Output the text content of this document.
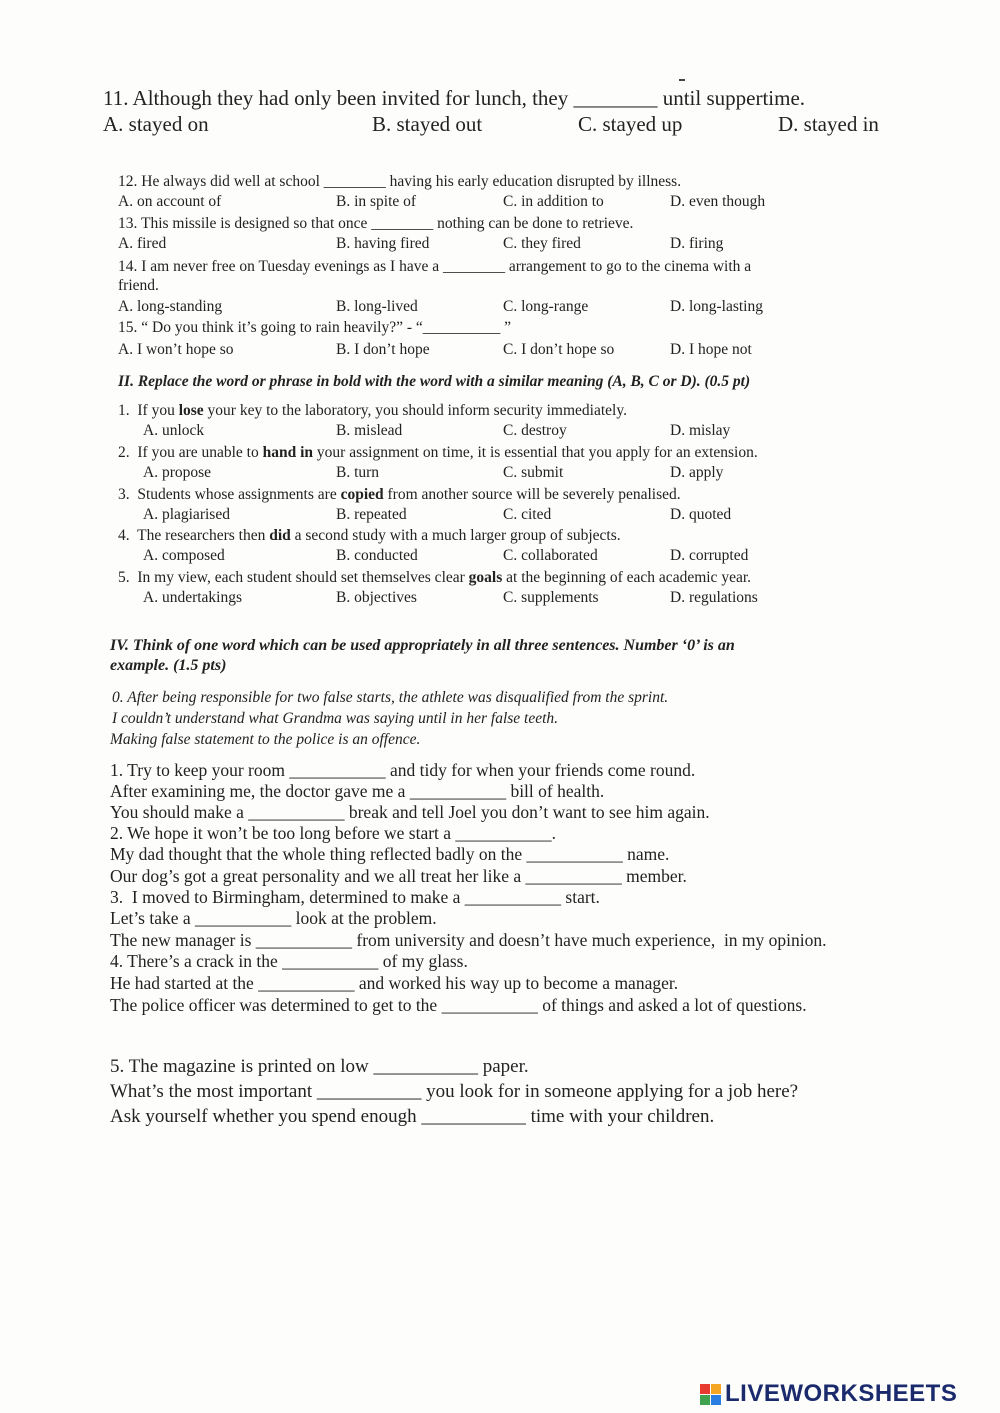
11. Although they had only been invited for lunch, they ________ until suppertime.
A. stayed on	B. stayed out	C. stayed up	D. stayed in
12. He always did well at school ________ having his early education disrupted by illness.
A. on account of	B. in spite of	C. in addition to	D. even though
13. This missile is designed so that once ________ nothing can be done to retrieve.
A. fired	B. having fired	C. they fired	D. firing
14. I am never free on Tuesday evenings as I have a ________ arrangement to go to the cinema with a
friend.
A. long-standing	B. long-lived	C. long-range	D. long-lasting
15. “ Do you think it’s going to rain heavily?” - “__________ ”
A. I won’t hope so	B. I don’t hope	C. I don’t hope so	D. I hope not
II. Replace the word or phrase in bold with the word with a similar meaning (A, B, C or D). (0.5 pt)
1.  If you lose your key to the laboratory, you should inform security immediately.
A. unlock	B. mislead	C. destroy	D. mislay
2.  If you are unable to hand in your assignment on time, it is essential that you apply for an extension.
A. propose	B. turn	C. submit	D. apply
3.  Students whose assignments are copied from another source will be severely penalised.
A. plagiarised	B. repeated	C. cited	D. quoted
4.  The researchers then did a second study with a much larger group of subjects.
A. composed	B. conducted	C. collaborated	D. corrupted
5.  In my view, each student should set themselves clear goals at the beginning of each academic year.
A. undertakings	B. objectives	C. supplements	D. regulations
IV. Think of one word which can be used appropriately in all three sentences. Number ‘0’ is an
example. (1.5 pts)
0. After being responsible for two false starts, the athlete was disqualified from the sprint.
I couldn’t understand what Grandma was saying until in her false teeth.
Making false statement to the police is an offence.
1. Try to keep your room ___________ and tidy for when your friends come round.
After examining me, the doctor gave me a ___________ bill of health.
You should make a ___________ break and tell Joel you don’t want to see him again.
2. We hope it won’t be too long before we start a ___________.
My dad thought that the whole thing reflected badly on the ___________ name.
Our dog’s got a great personality and we all treat her like a ___________ member.
3.  I moved to Birmingham, determined to make a ___________ start.
Let’s take a ___________ look at the problem.
The new manager is ___________ from university and doesn’t have much experience,  in my opinion.
4. There’s a crack in the ___________ of my glass.
He had started at the ___________ and worked his way up to become a manager.
The police officer was determined to get to the ___________ of things and asked a lot of questions.
5. The magazine is printed on low ___________ paper.
What’s the most important ___________ you look for in someone applying for a job here?
Ask yourself whether you spend enough ___________ time with your children.
LIVEWORKSHEETS
